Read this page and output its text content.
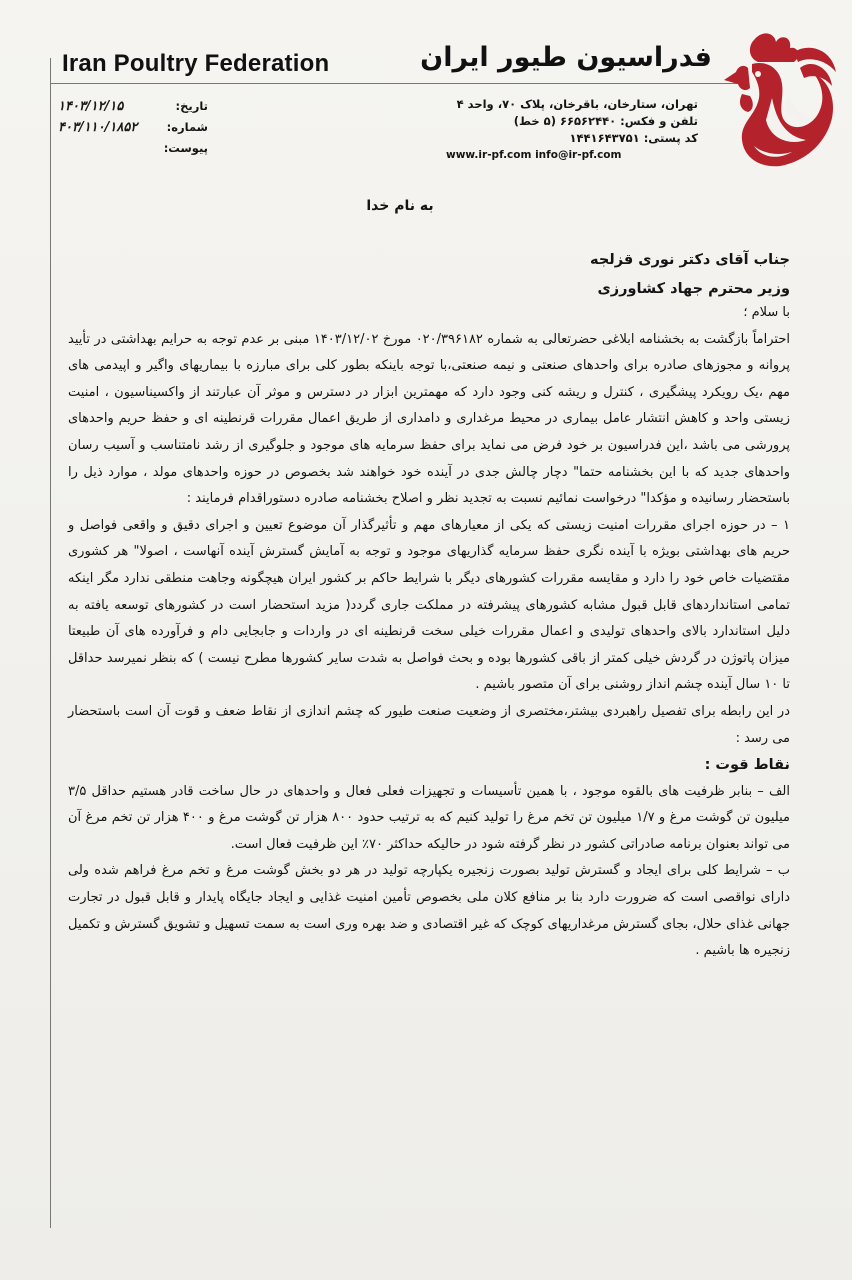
Iran Poultry Federation	فدراسیون طیور ایران
تهران، ستارخان، باقرخان، پلاک ۷۰، واحد ۴
تلفن و فکس: ۶۶۵۶۲۴۴۰ (۵ خط)
کد پستی: ۱۴۴۱۶۴۳۷۵۱
www.ir-pf.com info@ir-pf.com
۱۴۰۳/۱۲/۱۵	تاریخ:
۴۰۳/۱۱۰/۱۸۵۲	شماره:
پیوست:
به نام خدا
جناب آقای دکتر نوری قزلجه
وزیر محترم جهاد کشاورزی

با سلام ؛

احتراماً بازگشت به بخشنامه ابلاغی حضرتعالی به شماره ۰۲۰/۳۹۶۱۸۲ مورخ ۱۴۰۳/۱۲/۰۲ مبنی بر عدم توجه به حرایم بهداشتی در تأیید پروانه و مجوزهای صادره برای واحدهای صنعتی و نیمه صنعتی،با توجه باینکه بطور کلی برای مبارزه با بیماریهای واگیر و اپیدمی های مهم ،یک رویکرد پیشگیری ، کنترل و ریشه کنی وجود دارد که مهمترین ابزار در دسترس و موثر آن عبارتند از واکسیناسیون ، امنیت زیستی واحد و کاهش انتشار عامل بیماری در محیط مرغداری و دامداری از طریق اعمال مقررات قرنطینه ای و حفظ حریم واحدهای پرورشی می باشد ،این فدراسیون بر خود فرض می نماید برای حفظ سرمایه های موجود و جلوگیری از رشد نامتناسب و آسیب رسان واحدهای جدید که با این بخشنامه حتما" دچار چالش جدی در آینده خود خواهند شد بخصوص در حوزه واحدهای مولد ، موارد ذیل را باستحضار رسانیده و مؤکدا" درخواست نمائیم نسبت به تجدید نظر و اصلاح بخشنامه صادره دستوراقدام فرمایند :

۱ – در حوزه اجرای مقررات امنیت زیستی که یکی از معیارهای مهم و تأثیرگذار آن موضوع تعیین و اجرای دقیق و واقعی فواصل و حریم های بهداشتی بویژه با آینده نگری حفظ سرمایه گذاریهای موجود و توجه به آمایش گسترش آینده آنهاست ، اصولا" هر کشوری مقتضیات خاص خود را دارد و مقایسه مقررات کشورهای دیگر با شرایط حاکم بر کشور ایران هیچگونه وجاهت منطقی ندارد مگر اینکه تمامی استانداردهای قابل قبول مشابه کشورهای پیشرفته در مملکت جاری گردد( مزید استحضار است در کشورهای توسعه یافته به دلیل استاندارد بالای واحدهای تولیدی و اعمال مقررات خیلی سخت قرنطینه ای در واردات و جابجایی دام و فرآورده های آن طبیعتا میزان پاتوژن در گردش خیلی کمتر از باقی کشورها بوده و بحث فواصل به شدت سایر کشورها مطرح نیست ) که بنظر نمیرسد حداقل تا ۱۰ سال آینده چشم انداز روشنی برای آن متصور باشیم .

در این رابطه برای تفصیل راهبردی بیشتر،مختصری از وضعیت صنعت طیور که چشم اندازی از نقاط ضعف و قوت آن است باستحضار می رسد :

نقاط قوت :

الف – بنابر ظرفیت های بالقوه موجود ، با همین تأسیسات و تجهیزات فعلی فعال و واحدهای در حال ساخت قادر هستیم حداقل ۳/۵ میلیون تن گوشت مرغ و ۱/۷ میلیون تن تخم مرغ را تولید کنیم که به ترتیب حدود ۸۰۰ هزار تن گوشت مرغ و ۴۰۰ هزار تن تخم مرغ آن می تواند بعنوان برنامه صادراتی کشور در نظر گرفته شود در حالیکه حداکثر ۷۰٪ این ظرفیت فعال است.

ب – شرایط کلی برای ایجاد و گسترش تولید بصورت زنجیره یکپارچه تولید در هر دو بخش گوشت مرغ و تخم مرغ فراهم شده ولی دارای نواقصی است که ضرورت دارد بنا بر منافع کلان ملی بخصوص تأمین امنیت غذایی و ایجاد جایگاه پایدار و قابل قبول در تجارت جهانی غذای حلال، بجای گسترش مرغداریهای کوچک که غیر اقتصادی و ضد بهره وری است به سمت تسهیل و تشویق گسترش و تکمیل زنجیره ها باشیم .
